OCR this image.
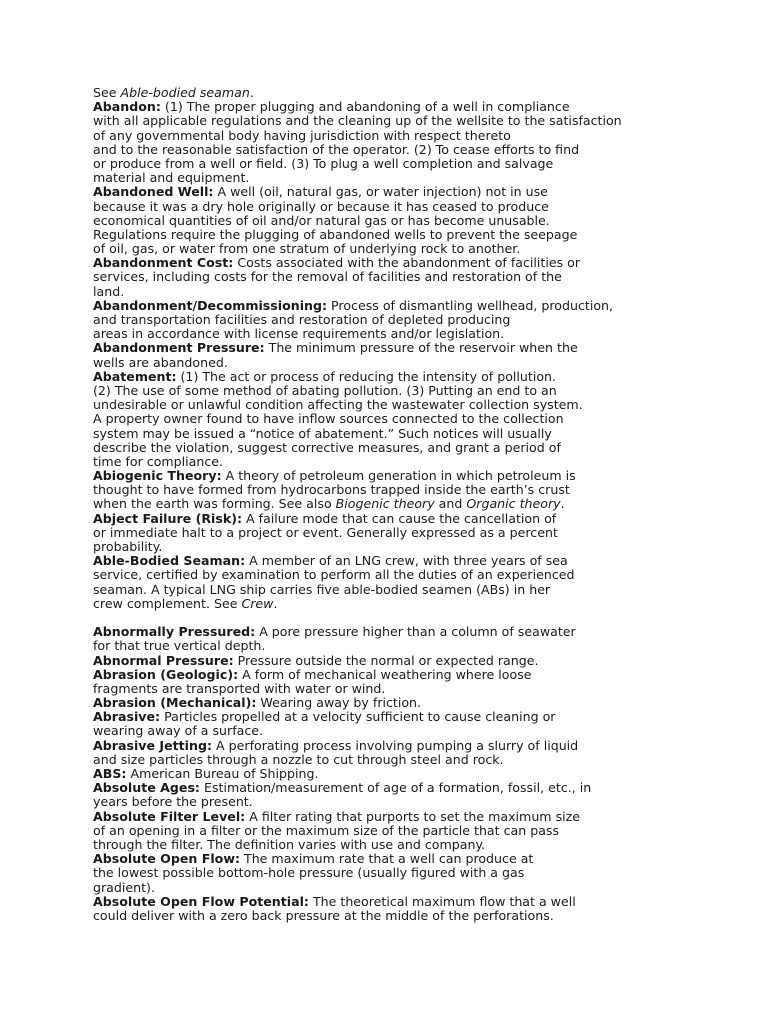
See Able-bodied seaman.
Abandon: (1) The proper plugging and abandoning of a well in compliance
with all applicable regulations and the cleaning up of the wellsite to the satisfaction
of any governmental body having jurisdiction with respect thereto
and to the reasonable satisfaction of the operator. (2) To cease efforts to find
or produce from a well or field. (3) To plug a well completion and salvage
material and equipment.
Abandoned Well: A well (oil, natural gas, or water injection) not in use
because it was a dry hole originally or because it has ceased to produce
economical quantities of oil and/or natural gas or has become unusable.
Regulations require the plugging of abandoned wells to prevent the seepage
of oil, gas, or water from one stratum of underlying rock to another.
Abandonment Cost: Costs associated with the abandonment of facilities or
services, including costs for the removal of facilities and restoration of the
land.
Abandonment/Decommissioning: Process of dismantling wellhead, production,
and transportation facilities and restoration of depleted producing
areas in accordance with license requirements and/or legislation.
Abandonment Pressure: The minimum pressure of the reservoir when the
wells are abandoned.
Abatement: (1) The act or process of reducing the intensity of pollution.
(2) The use of some method of abating pollution. (3) Putting an end to an
undesirable or unlawful condition affecting the wastewater collection system.
A property owner found to have inflow sources connected to the collection
system may be issued a “notice of abatement.” Such notices will usually
describe the violation, suggest corrective measures, and grant a period of
time for compliance.
Abiogenic Theory: A theory of petroleum generation in which petroleum is
thought to have formed from hydrocarbons trapped inside the earth’s crust
when the earth was forming. See also Biogenic theory and Organic theory.
Abject Failure (Risk): A failure mode that can cause the cancellation of
or immediate halt to a project or event. Generally expressed as a percent
probability.
Able-Bodied Seaman: A member of an LNG crew, with three years of sea
service, certified by examination to perform all the duties of an experienced
seaman. A typical LNG ship carries five able-bodied seamen (ABs) in her
crew complement. See Crew.
Abnormally Pressured: A pore pressure higher than a column of seawater
for that true vertical depth.
Abnormal Pressure: Pressure outside the normal or expected range.
Abrasion (Geologic): A form of mechanical weathering where loose
fragments are transported with water or wind.
Abrasion (Mechanical): Wearing away by friction.
Abrasive: Particles propelled at a velocity sufficient to cause cleaning or
wearing away of a surface.
Abrasive Jetting: A perforating process involving pumping a slurry of liquid
and size particles through a nozzle to cut through steel and rock.
ABS: American Bureau of Shipping.
Absolute Ages: Estimation/measurement of age of a formation, fossil, etc., in
years before the present.
Absolute Filter Level: A filter rating that purports to set the maximum size
of an opening in a filter or the maximum size of the particle that can pass
through the filter. The definition varies with use and company.
Absolute Open Flow: The maximum rate that a well can produce at
the lowest possible bottom-hole pressure (usually figured with a gas
gradient).
Absolute Open Flow Potential: The theoretical maximum flow that a well
could deliver with a zero back pressure at the middle of the perforations.
